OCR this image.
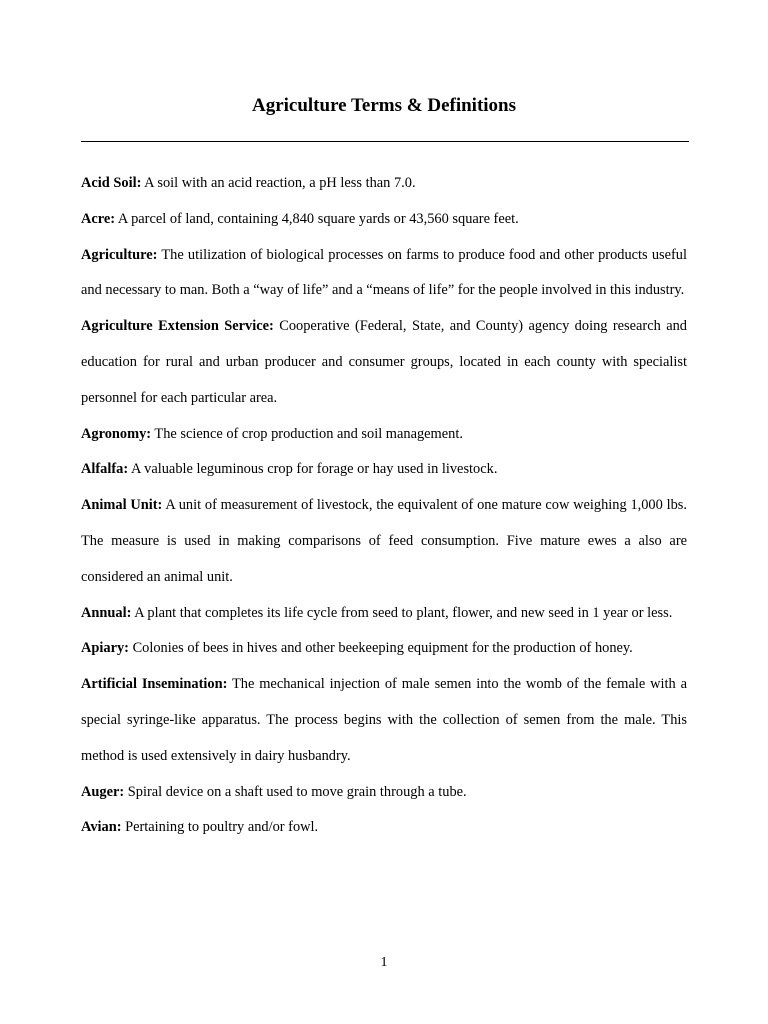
Agriculture Terms & Definitions

Acid Soil: A soil with an acid reaction, a pH less than 7.0.

Acre: A parcel of land, containing 4,840 square yards or 43,560 square feet.

Agriculture: The utilization of biological processes on farms to produce food and other products useful and necessary to man. Both a “way of life” and a “means of life” for the people involved in this industry.

Agriculture Extension Service: Cooperative (Federal, State, and County) agency doing research and education for rural and urban producer and consumer groups, located in each county with specialist personnel for each particular area.

Agronomy: The science of crop production and soil management.

Alfalfa: A valuable leguminous crop for forage or hay used in livestock.

Animal Unit: A unit of measurement of livestock, the equivalent of one mature cow weighing 1,000 lbs. The measure is used in making comparisons of feed consumption. Five mature ewes a also are considered an animal unit.

Annual: A plant that completes its life cycle from seed to plant, flower, and new seed in 1 year or less.

Apiary: Colonies of bees in hives and other beekeeping equipment for the production of honey.

Artificial Insemination: The mechanical injection of male semen into the womb of the female with a special syringe-like apparatus. The process begins with the collection of semen from the male. This method is used extensively in dairy husbandry.

Auger: Spiral device on a shaft used to move grain through a tube.

Avian: Pertaining to poultry and/or fowl.

1
